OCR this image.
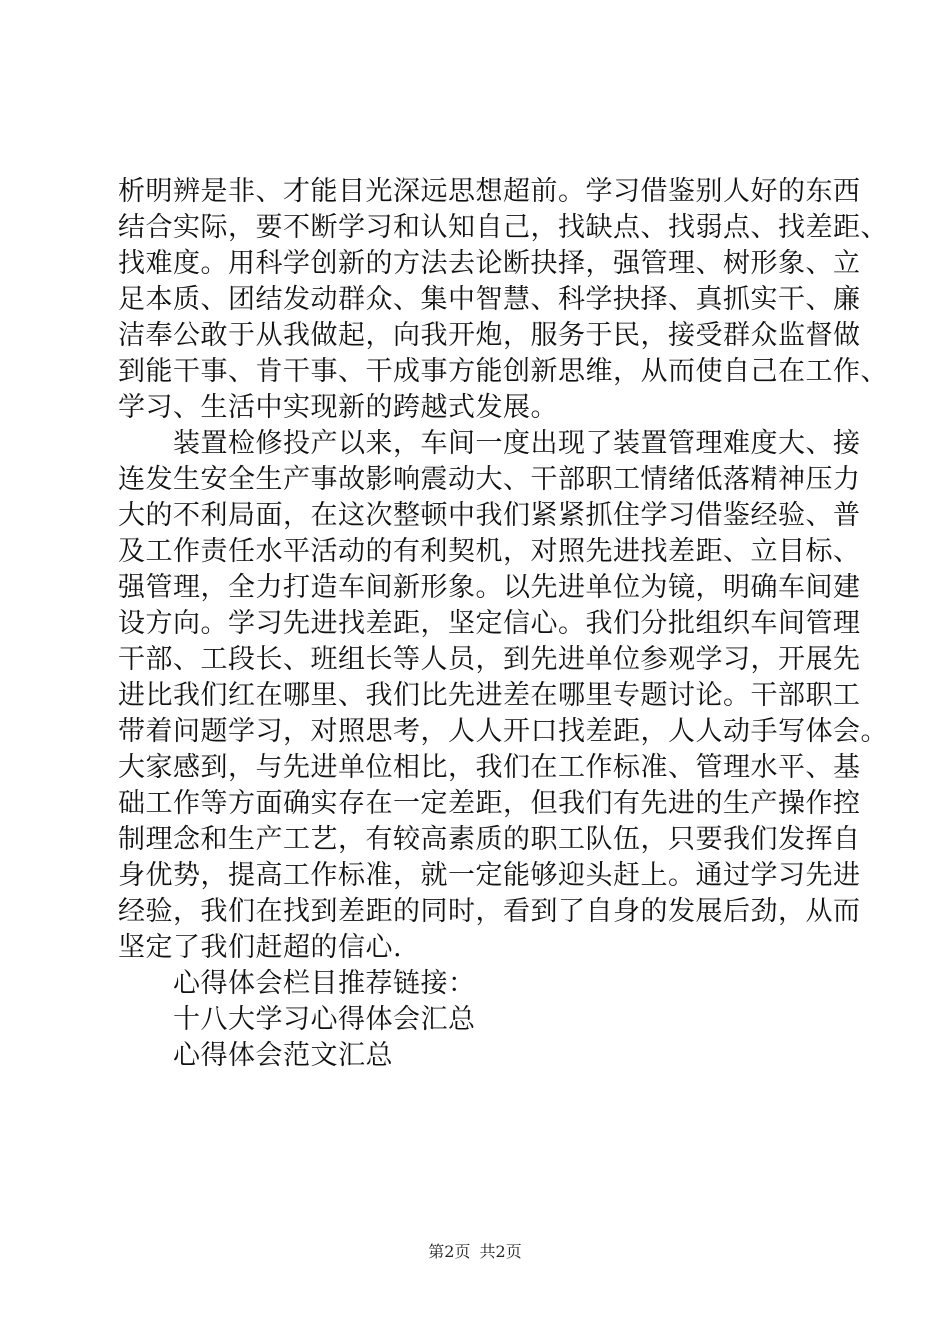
析明辨是非、才能目光深远思想超前。学习借鉴别人好的东西
结合实际，要不断学习和认知自己，找缺点、找弱点、找差距、
找难度。用科学创新的方法去论断抉择，强管理、树形象、立
足本质、团结发动群众、集中智慧、科学抉择、真抓实干、廉
洁奉公敢于从我做起，向我开炮，服务于民，接受群众监督做
到能干事、肯干事、干成事方能创新思维，从而使自己在工作、
学习、生活中实现新的跨越式发展。
　　装置检修投产以来，车间一度出现了装置管理难度大、接
连发生安全生产事故影响震动大、干部职工情绪低落精神压力
大的不利局面，在这次整顿中我们紧紧抓住学习借鉴经验、普
及工作责任水平活动的有利契机，对照先进找差距、立目标、
强管理，全力打造车间新形象。以先进单位为镜，明确车间建
设方向。学习先进找差距，坚定信心。我们分批组织车间管理
干部、工段长、班组长等人员，到先进单位参观学习，开展先
进比我们红在哪里、我们比先进差在哪里专题讨论。干部职工
带着问题学习，对照思考，人人开口找差距，人人动手写体会。
大家感到，与先进单位相比，我们在工作标准、管理水平、基
础工作等方面确实存在一定差距，但我们有先进的生产操作控
制理念和生产工艺，有较高素质的职工队伍，只要我们发挥自
身优势，提高工作标准，就一定能够迎头赶上。通过学习先进
经验，我们在找到差距的同时，看到了自身的发展后劲，从而
坚定了我们赶超的信心.
　　心得体会栏目推荐链接：
　　十八大学习心得体会汇总
　　心得体会范文汇总
第2页 共2页
